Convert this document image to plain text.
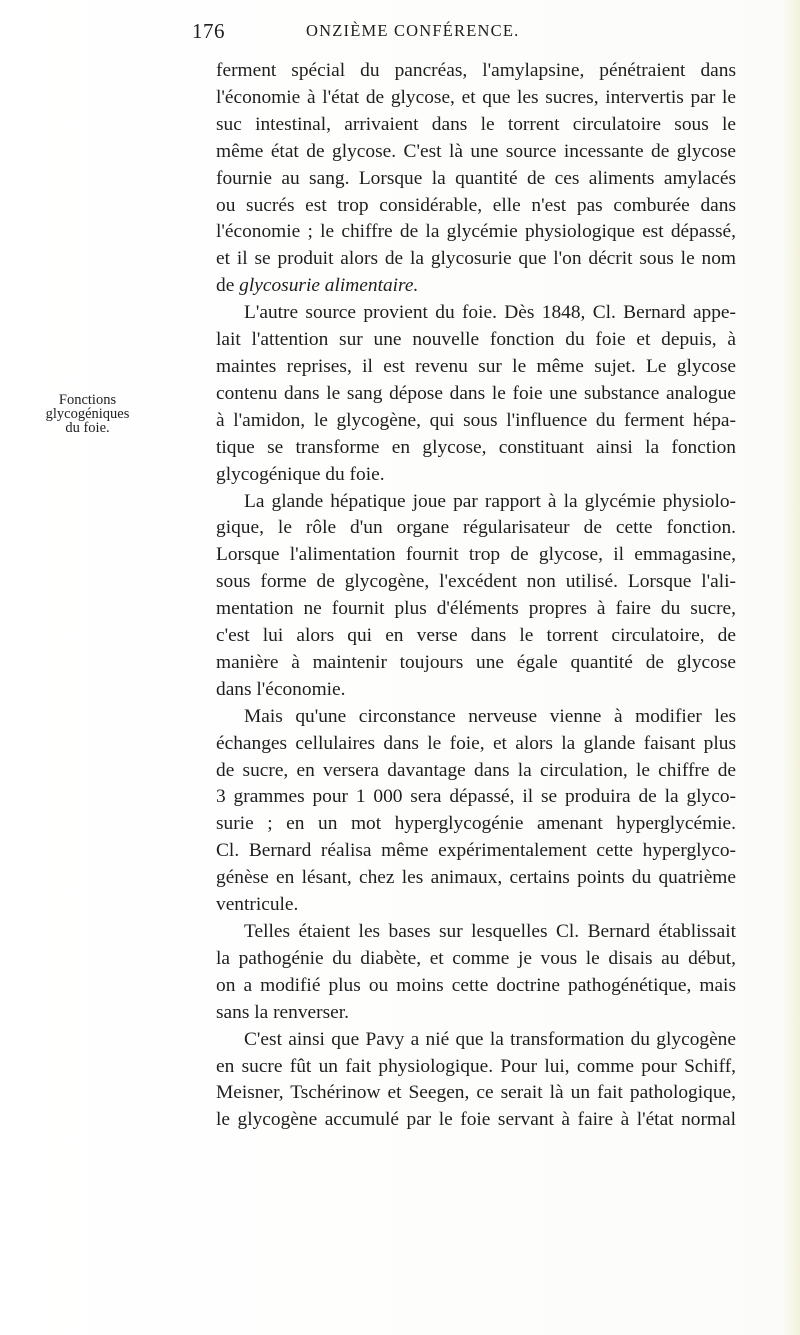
176	ONZIÈME CONFÉRENCE.
Fonctions
glycogéniques
du foie.
ferment spécial du pancréas, l'amylapsine, pénétraient dans
l'économie à l'état de glycose, et que les sucres, intervertis par le
suc intestinal, arrivaient dans le torrent circulatoire sous le
même état de glycose. C'est là une source incessante de glycose
fournie au sang. Lorsque la quantité de ces aliments amylacés
ou sucrés est trop considérable, elle n'est pas comburée dans
l'économie ; le chiffre de la glycémie physiologique est dépassé,
et il se produit alors de la glycosurie que l'on décrit sous le nom
de glycosurie alimentaire.
L'autre source provient du foie. Dès 1848, Cl. Bernard appe-
lait l'attention sur une nouvelle fonction du foie et depuis, à
maintes reprises, il est revenu sur le même sujet. Le glycose
contenu dans le sang dépose dans le foie une substance analogue
à l'amidon, le glycogène, qui sous l'influence du ferment hépa-
tique se transforme en glycose, constituant ainsi la fonction
glycogénique du foie.
La glande hépatique joue par rapport à la glycémie physiolo-
gique, le rôle d'un organe régularisateur de cette fonction.
Lorsque l'alimentation fournit trop de glycose, il emmagasine,
sous forme de glycogène, l'excédent non utilisé. Lorsque l'ali-
mentation ne fournit plus d'éléments propres à faire du sucre,
c'est lui alors qui en verse dans le torrent circulatoire, de
manière à maintenir toujours une égale quantité de glycose
dans l'économie.
Mais qu'une circonstance nerveuse vienne à modifier les
échanges cellulaires dans le foie, et alors la glande faisant plus
de sucre, en versera davantage dans la circulation, le chiffre de
3 grammes pour 1 000 sera dépassé, il se produira de la glyco-
surie ; en un mot hyperglycogénie amenant hyperglycémie.
Cl. Bernard réalisa même expérimentalement cette hyperglyco-
génèse en lésant, chez les animaux, certains points du quatrième
ventricule.
Telles étaient les bases sur lesquelles Cl. Bernard établissait
la pathogénie du diabète, et comme je vous le disais au début,
on a modifié plus ou moins cette doctrine pathogénétique, mais
sans la renverser.
C'est ainsi que Pavy a nié que la transformation du glycogène
en sucre fût un fait physiologique. Pour lui, comme pour Schiff,
Meisner, Tschérinow et Seegen, ce serait là un fait pathologique,
le glycogène accumulé par le foie servant à faire à l'état normal
